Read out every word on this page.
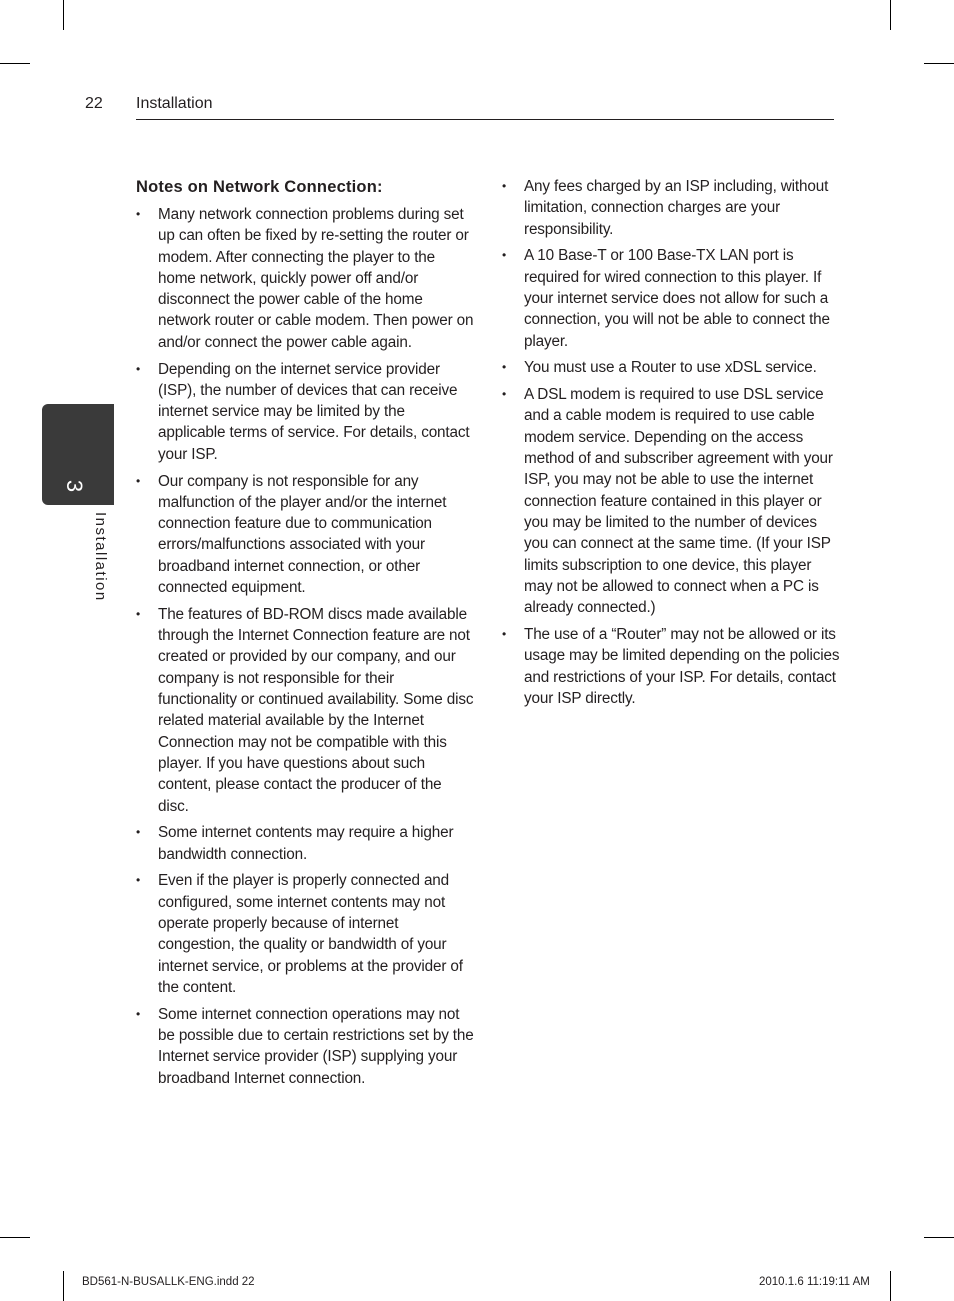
22 Installation
3
Installation
Notes on Network Connection:
• Many network connection problems during set up can often be fixed by re-setting the router or modem. After connecting the player to the home network, quickly power off and/or disconnect the power cable of the home network router or cable modem. Then power on and/or connect the power cable again.
• Depending on the internet service provider (ISP), the number of devices that can receive internet service may be limited by the applicable terms of service. For details, contact your ISP.
• Our company is not responsible for any malfunction of the player and/or the internet connection feature due to communication errors/malfunctions associated with your broadband internet connection, or other connected equipment.
• The features of BD-ROM discs made available through the Internet Connection feature are not created or provided by our company, and our company is not responsible for their functionality or continued availability. Some disc related material available by the Internet Connection may not be compatible with this player. If you have questions about such content, please contact the producer of the disc.
• Some internet contents may require a higher bandwidth connection.
• Even if the player is properly connected and configured, some internet contents may not operate properly because of internet congestion, the quality or bandwidth of your internet service, or problems at the provider of the content.
• Some internet connection operations may not be possible due to certain restrictions set by the Internet service provider (ISP) supplying your broadband Internet connection.
• Any fees charged by an ISP including, without limitation, connection charges are your responsibility.
• A 10 Base-T or 100 Base-TX LAN port is required for wired connection to this player. If your internet service does not allow for such a connection, you will not be able to connect the player.
• You must use a Router to use xDSL service.
• A DSL modem is required to use DSL service and a cable modem is required to use cable modem service. Depending on the access method of and subscriber agreement with your ISP, you may not be able to use the internet connection feature contained in this player or you may be limited to the number of devices you can connect at the same time. (If your ISP limits subscription to one device, this player may not be allowed to connect when a PC is already connected.)
• The use of a “Router” may not be allowed or its usage may be limited depending on the policies and restrictions of your ISP. For details, contact your ISP directly.
BD561-N-BUSALLK-ENG.indd 22	2010.1.6 11:19:11 AM
